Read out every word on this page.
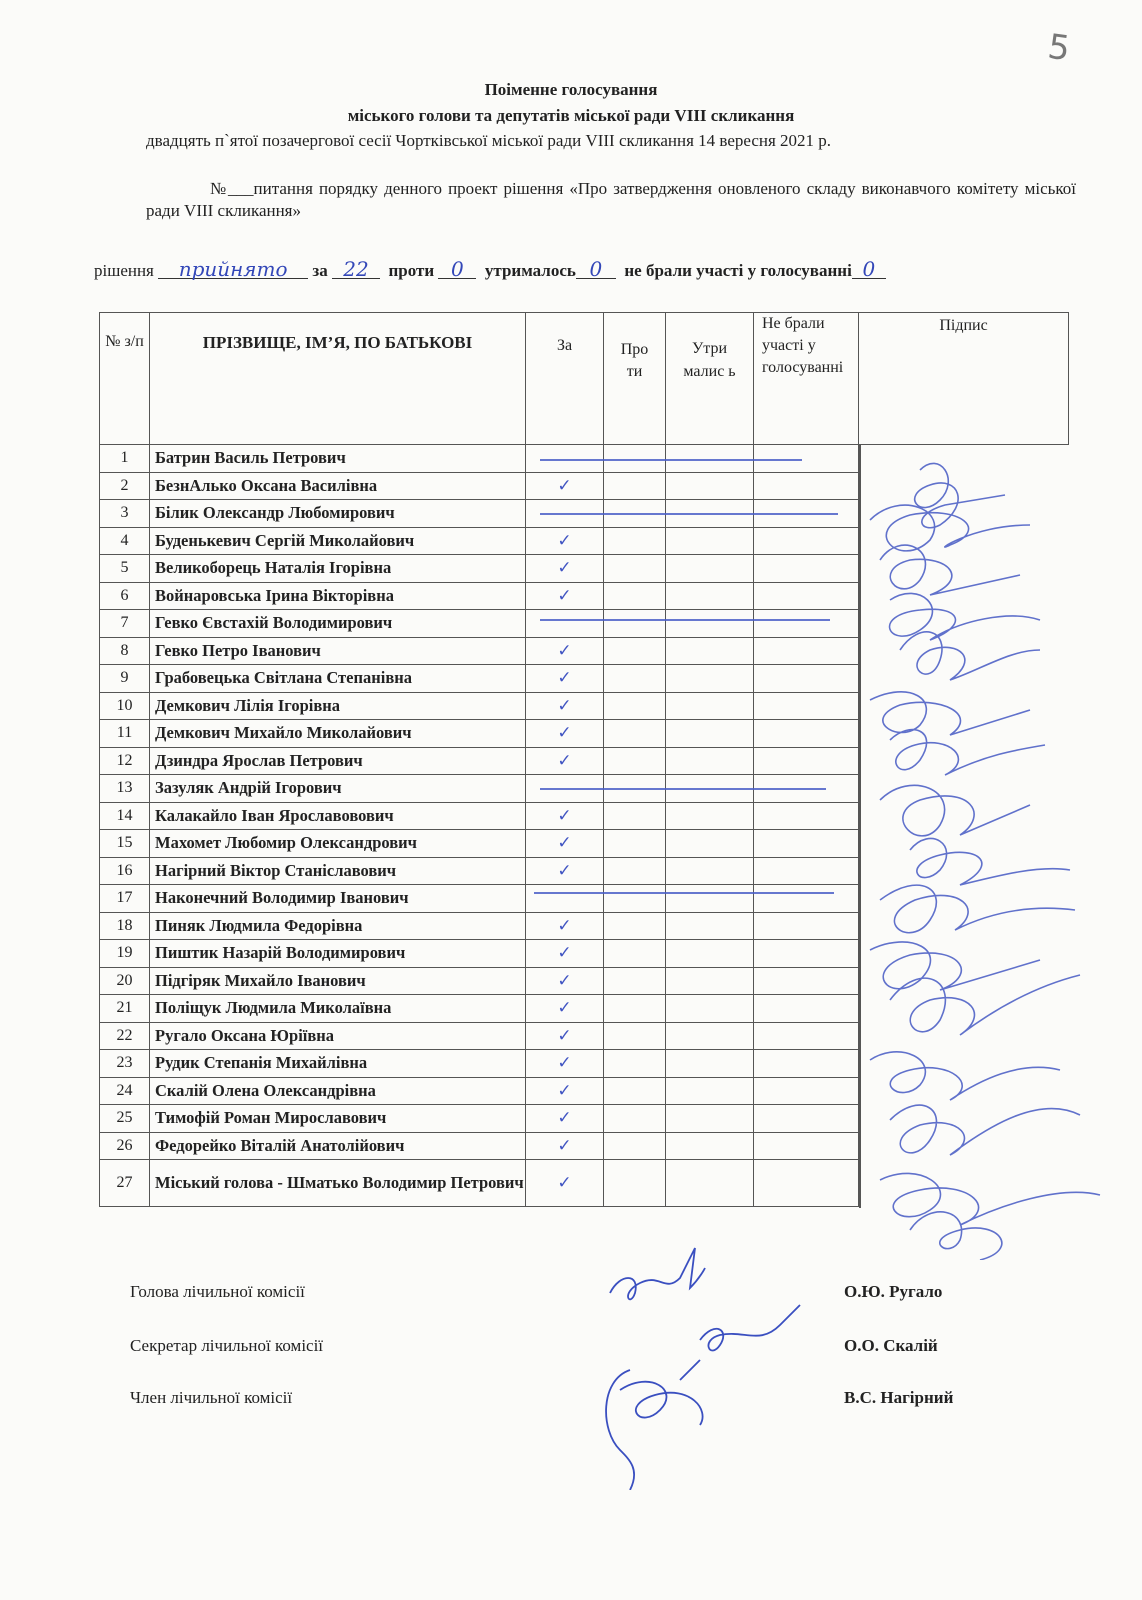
5
Поіменне голосування
міського голови та депутатів міської ради VIII скликання
двадцять п`ятої позачергової сесії Чортківської міської ради VIII скликання 14 вересня 2021 р.
№___питання порядку денного проект рішення «Про затвердження оновленого складу виконавчого комітету міської ради VIII скликання»
рішення прийнято за 22 проти 0 утрималось 0 не брали участі у голосуванні 0
№ з/п	ПРІЗВИЩЕ, ІМ’Я, ПО БАТЬКОВІ	За	Про ти	Утри малис ь	Не брали участі у голосуванні	Підпис

1	Батрин Василь Петрович					

2	БезнАлько Оксана Василівна	✓				

3	Білик Олександр Любомирович					

4	Буденькевич Сергій Миколайович	✓				

5	Великоборець Наталія Ігорівна	✓				

6	Войнаровська Ірина Вікторівна	✓				

7	Гевко Євстахій Володимирович					

8	Гевко Петро Іванович	✓				

9	Грабовецька Світлана Степанівна	✓				

10	Демкович Лілія Ігорівна	✓				

11	Демкович Михайло Миколайович	✓				

12	Дзиндра Ярослав Петрович	✓				

13	Зазуляк Андрій Ігорович					

14	Калакайло Іван Ярославовович	✓				

15	Махомет Любомир Олександрович	✓				

16	Нагірний Віктор Станіславович	✓				

17	Наконечний Володимир Іванович					

18	Пиняк Людмила Федорівна	✓				

19	Пиштик Назарій Володимирович	✓				

20	Підгіряк Михайло Іванович	✓				

21	Поліщук Людмила Миколаївна	✓				

22	Ругало Оксана Юріївна	✓				

23	Рудик Степанія Михайлівна	✓				

24	Скалій Олена Олександрівна	✓				

25	Тимофій Роман Мирославович	✓				

26	Федорейко Віталій Анатолійович	✓				

27	Міський голова - Шматько Володимир Петрович	✓				
Голова лічильної комісії	О.Ю. Ругало
Секретар лічильної комісії	О.О. Скалій
Член лічильної комісії	В.С. Нагірний
